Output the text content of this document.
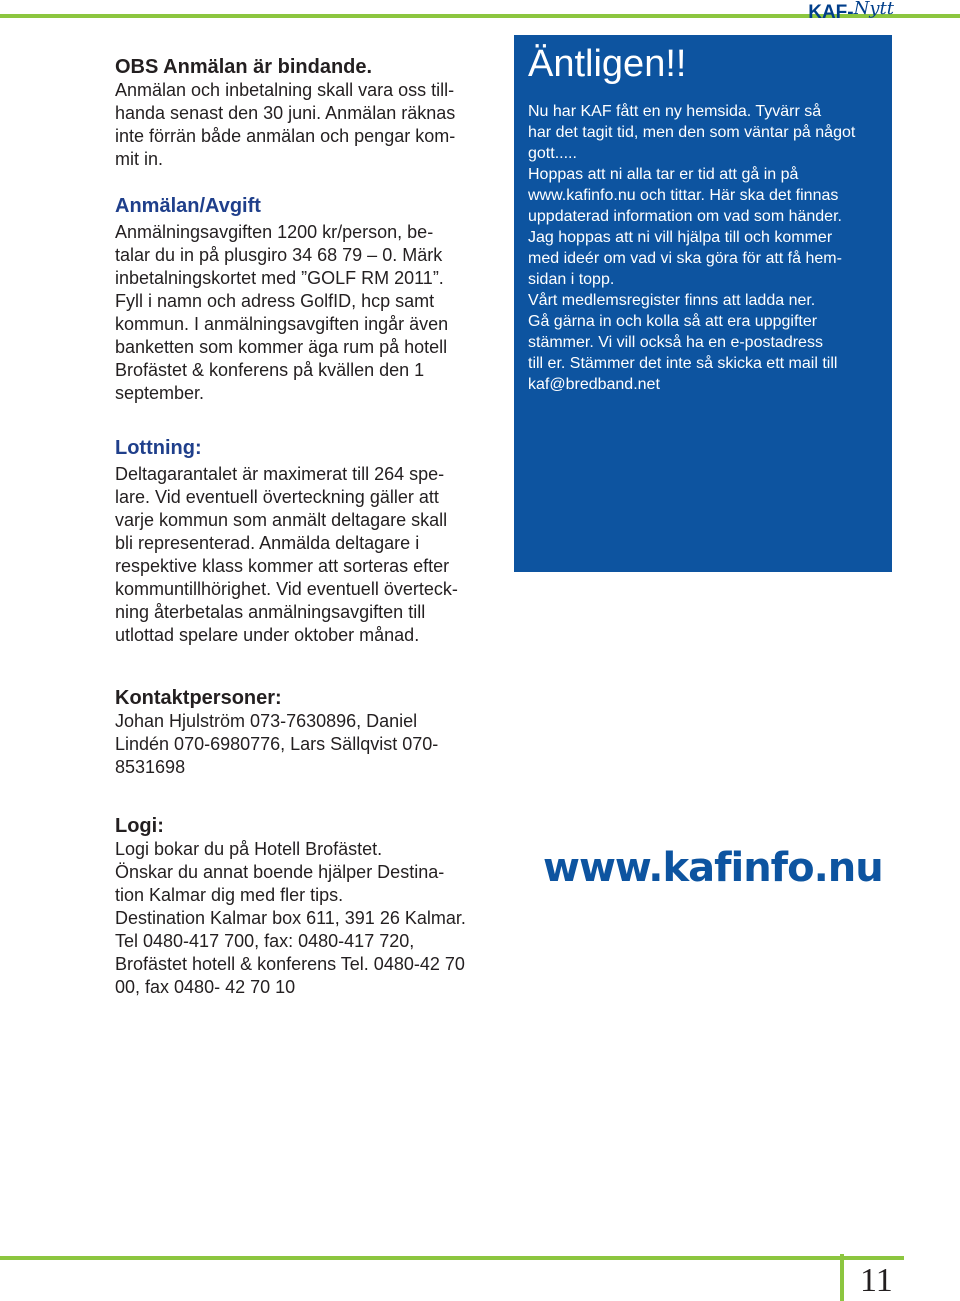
KAF-Nytt
OBS Anmälan är bindande.
Anmälan och inbetalning skall vara oss till-
handa senast den 30 juni. Anmälan räknas
inte förrän både anmälan och pengar kom-
mit in.
Anmälan/Avgift
Anmälningsavgiften 1200 kr/person, be-
talar du in på plusgiro 34 68 79 – 0. Märk
inbetalningskortet med ”GOLF RM 2011”.
Fyll i namn och adress GolfID, hcp samt
kommun. I anmälningsavgiften ingår även
banketten som kommer äga rum på hotell
Brofästet & konferens på kvällen den 1
september.
Lottning:
Deltagarantalet är maximerat till 264 spe-
lare. Vid eventuell överteckning gäller att
varje kommun som anmält deltagare skall
bli representerad. Anmälda deltagare i
respektive klass kommer att sorteras efter
kommuntillhörighet. Vid eventuell överteck-
ning återbetalas anmälningsavgiften till
utlottad spelare under oktober månad.
Kontaktpersoner:
Johan Hjulström 073-7630896, Daniel
Lindén 070-6980776, Lars Sällqvist 070-
8531698
Logi:
Logi bokar du på Hotell Brofästet.
Önskar du annat boende hjälper Destina-
tion Kalmar dig med fler tips.
Destination Kalmar box 611, 391 26 Kalmar.
Tel 0480-417 700, fax: 0480-417 720,
Brofästet hotell & konferens Tel. 0480-42 70
00, fax 0480- 42 70 10
Äntligen!!
Nu har KAF fått en ny hemsida. Tyvärr så
har det tagit tid, men den som väntar på något
gott.....
Hoppas att ni alla tar er tid att gå in på
www.kafinfo.nu och tittar. Här ska det finnas
uppdaterad information om vad som händer.
Jag hoppas att ni vill hjälpa till och kommer
med ideér om vad vi ska göra för att få hem-
sidan i topp.
Vårt medlemsregister finns att ladda ner.
Gå gärna in och kolla så att era uppgifter
stämmer. Vi vill också ha en e-postadress
till er. Stämmer det inte så skicka ett mail till
kaf@bredband.net
www.kafinfo.nu
11
